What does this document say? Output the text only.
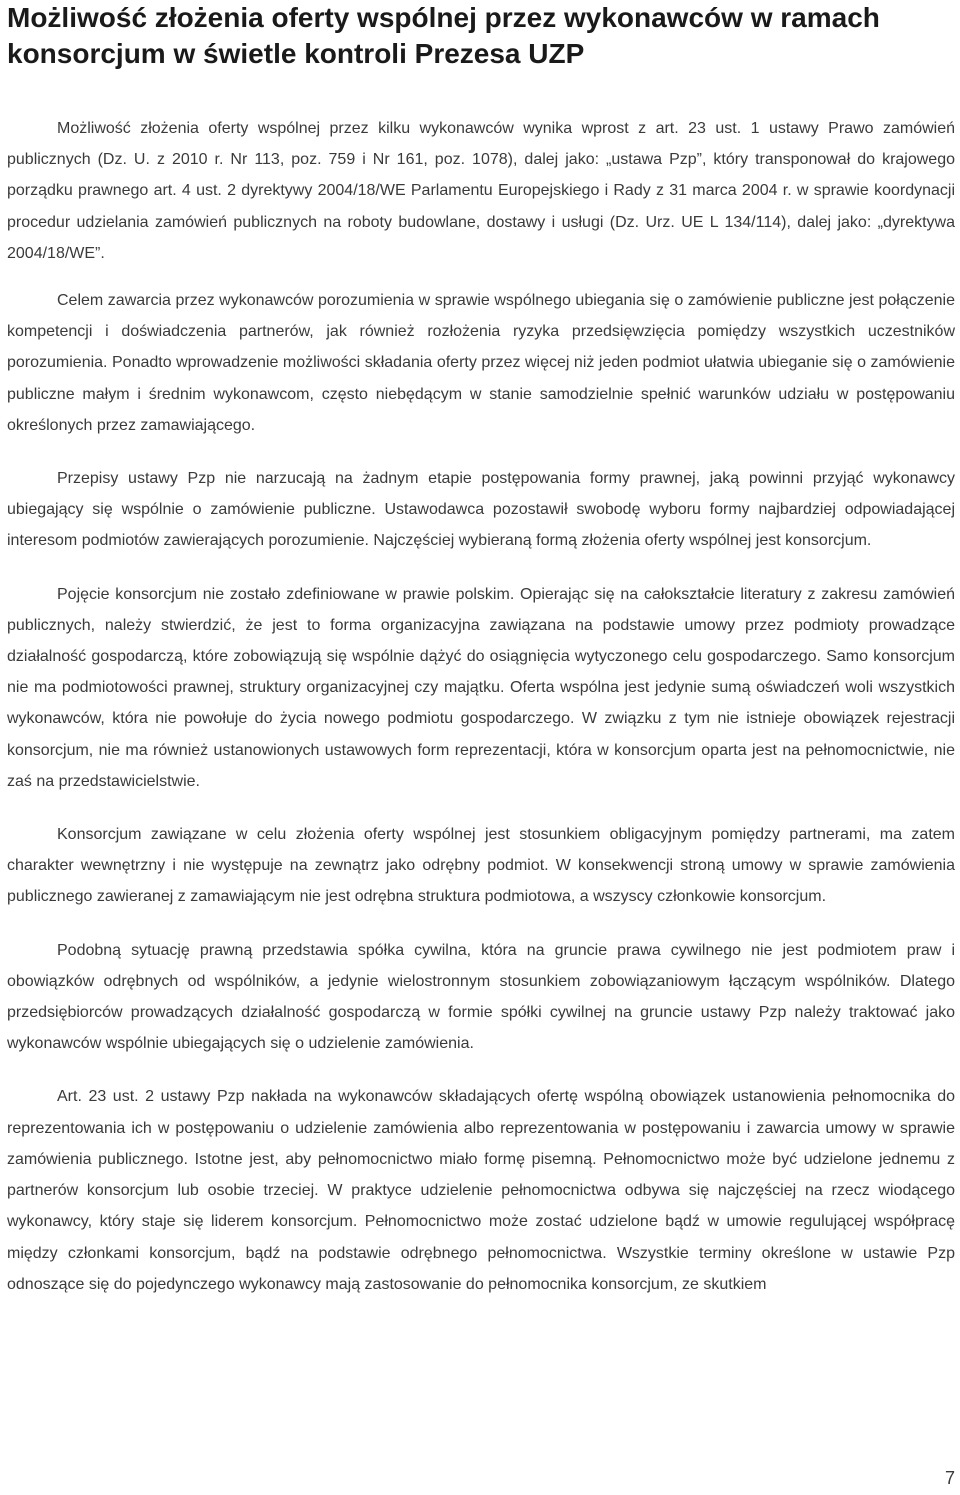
Możliwość złożenia oferty wspólnej przez wykonawców w ramach konsorcjum w świetle kontroli Prezesa UZP

Możliwość złożenia oferty wspólnej przez kilku wykonawców wynika wprost z art. 23 ust. 1 ustawy Prawo zamówień publicznych (Dz. U. z 2010 r. Nr 113, poz. 759 i Nr 161, poz. 1078), dalej jako: „ustawa Pzp”, który transponował do krajowego porządku prawnego art. 4 ust. 2 dyrektywy 2004/18/WE Parlamentu Europejskiego i Rady z 31 marca 2004 r. w sprawie koordynacji procedur udzielania zamówień publicznych na roboty budowlane, dostawy i usługi (Dz. Urz. UE L 134/114), dalej jako: „dyrektywa 2004/18/WE”.

Celem zawarcia przez wykonawców porozumienia w sprawie wspólnego ubiegania się o zamówienie publiczne jest połączenie kompetencji i doświadczenia partnerów, jak również rozłożenia ryzyka przedsięwzięcia pomiędzy wszystkich uczestników porozumienia. Ponadto wprowadzenie możliwości składania oferty przez więcej niż jeden podmiot ułatwia ubieganie się o zamówienie publiczne małym i średnim wykonawcom, często niebędącym w stanie samodzielnie spełnić warunków udziału w postępowaniu określonych przez zamawiającego.

Przepisy ustawy Pzp nie narzucają na żadnym etapie postępowania formy prawnej, jaką powinni przyjąć wykonawcy ubiegający się wspólnie o zamówienie publiczne. Ustawodawca pozostawił swobodę wyboru formy najbardziej odpowiadającej interesom podmiotów zawierających porozumienie. Najczęściej wybieraną formą złożenia oferty wspólnej jest konsorcjum.

Pojęcie konsorcjum nie zostało zdefiniowane w prawie polskim. Opierając się na całokształcie literatury z zakresu zamówień publicznych, należy stwierdzić, że jest to forma organizacyjna zawiązana na podstawie umowy przez podmioty prowadzące działalność gospodarczą, które zobowiązują się wspólnie dążyć do osiągnięcia wytyczonego celu gospodarczego. Samo konsorcjum nie ma podmiotowości prawnej, struktury organizacyjnej czy majątku. Oferta wspólna jest jedynie sumą oświadczeń woli wszystkich wykonawców, która nie powołuje do życia nowego podmiotu gospodarczego. W związku z tym nie istnieje obowiązek rejestracji konsorcjum, nie ma również ustanowionych ustawowych form reprezentacji, która w konsorcjum oparta jest na pełnomocnictwie, nie zaś na przedstawicielstwie.

Konsorcjum zawiązane w celu złożenia oferty wspólnej jest stosunkiem obligacyjnym pomiędzy partnerami, ma zatem charakter wewnętrzny i nie występuje na zewnątrz jako odrębny podmiot. W konsekwencji stroną umowy w sprawie zamówienia publicznego zawieranej z zamawiającym nie jest odrębna struktura podmiotowa, a wszyscy członkowie konsorcjum.

Podobną sytuację prawną przedstawia spółka cywilna, która na gruncie prawa cywilnego nie jest podmiotem praw i obowiązków odrębnych od wspólników, a jedynie wielostronnym stosunkiem zobowiązaniowym łączącym wspólników. Dlatego przedsiębiorców prowadzących działalność gospodarczą w formie spółki cywilnej na gruncie ustawy Pzp należy traktować jako wykonawców wspólnie ubiegających się o udzielenie zamówienia.

Art. 23 ust. 2 ustawy Pzp nakłada na wykonawców składających ofertę wspólną obowiązek ustanowienia pełnomocnika do reprezentowania ich w postępowaniu o udzielenie zamówienia albo reprezentowania w postępowaniu i zawarcia umowy w sprawie zamówienia publicznego. Istotne jest, aby pełnomocnictwo miało formę pisemną. Pełnomocnictwo może być udzielone jednemu z partnerów konsorcjum lub osobie trzeciej. W praktyce udzielenie pełnomocnictwa odbywa się najczęściej na rzecz wiodącego wykonawcy, który staje się liderem konsorcjum. Pełnomocnictwo może zostać udzielone bądź w umowie regulującej współpracę między członkami konsorcjum, bądź na podstawie odrębnego pełnomocnictwa. Wszystkie terminy określone w ustawie Pzp odnoszące się do pojedynczego wykonawcy mają zastosowanie do pełnomocnika konsorcjum, ze skutkiem

7
